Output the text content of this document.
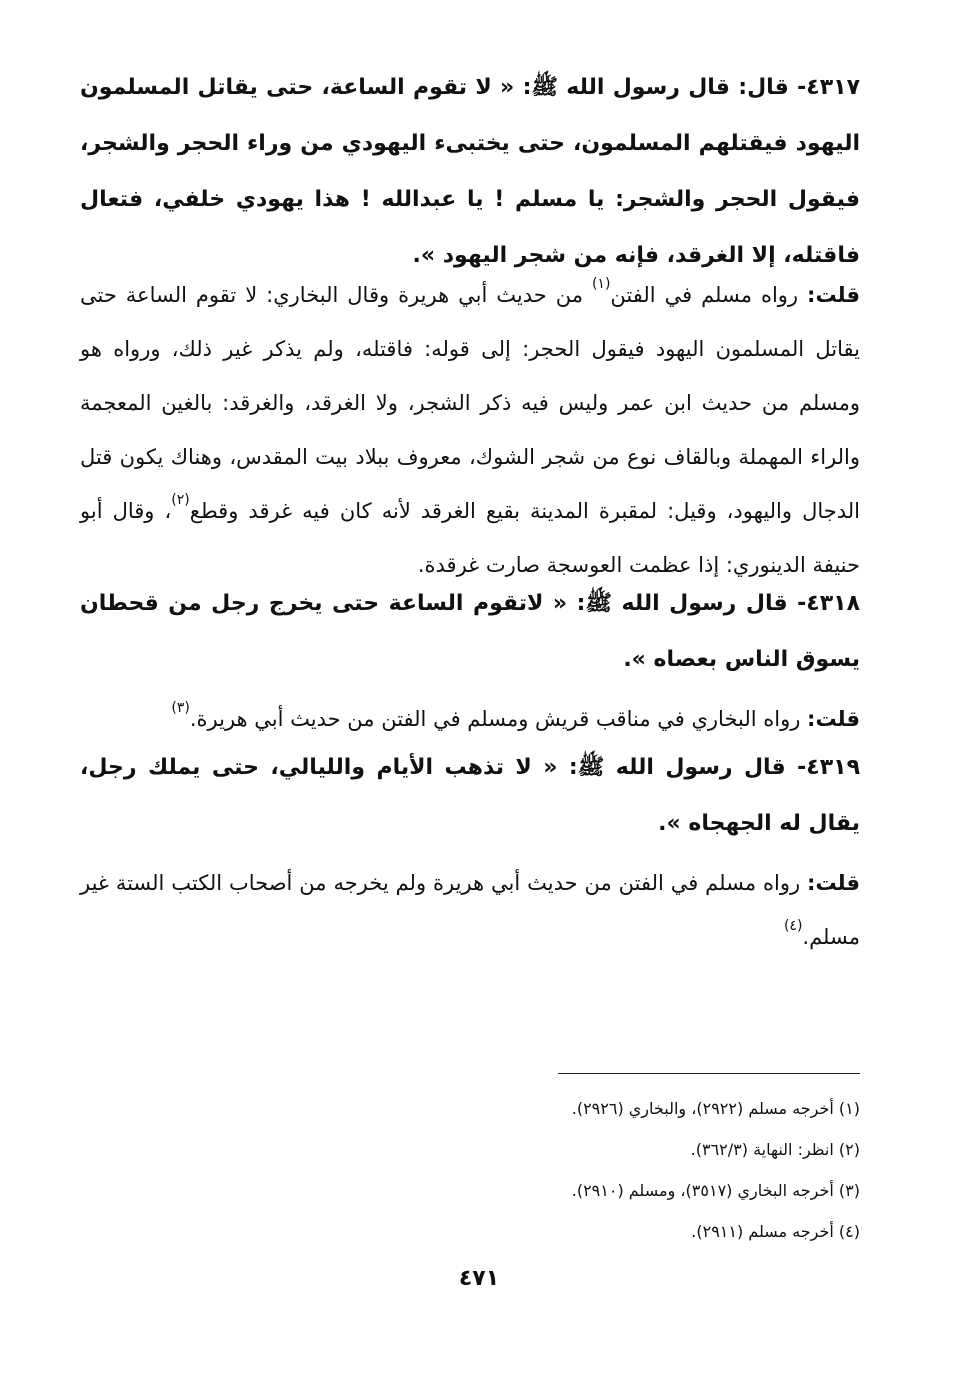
٤٣١٧- قال: قال رسول الله ﷺ: « لا تقوم الساعة، حتى يقاتل المسلمون اليهود فيقتلهم المسلمون، حتى يختبىء اليهودي من وراء الحجر والشجر، فيقول الحجر والشجر: يا مسلم ! يا عبدالله ! هذا يهودي خلفي، فتعال فاقتله، إلا الغرقد، فإنه من شجر اليهود ».
قلت: رواه مسلم في الفتن$^{(١)}$ من حديث أبي هريرة وقال البخاري: لا تقوم الساعة حتى يقاتل المسلمون اليهود فيقول الحجر: إلى قوله: فاقتله، ولم يذكر غير ذلك، ورواه هو ومسلم من حديث ابن عمر وليس فيه ذكر الشجر، ولا الغرقد، والغرقد: بالغين المعجمة والراء المهملة وبالقاف نوع من شجر الشوك، معروف ببلاد بيت المقدس، وهناك يكون قتل الدجال واليهود، وقيل: لمقبرة المدينة بقيع الغرقد لأنه كان فيه غرقد وقطع$^{(٢)}$، وقال أبو حنيفة الدينوري: إذا عظمت العوسجة صارت غرقدة.
٤٣١٨- قال رسول الله ﷺ: « لاتقوم الساعة حتى يخرج رجل من قحطان يسوق الناس بعصاه ».
قلت: رواه البخاري في مناقب قريش ومسلم في الفتن من حديث أبي هريرة.$^{(٣)}$
٤٣١٩- قال رسول الله ﷺ: « لا تذهب الأيام والليالي، حتى يملك رجل، يقال له الجهجاه ».
قلت: رواه مسلم في الفتن من حديث أبي هريرة ولم يخرجه من أصحاب الكتب الستة غير مسلم.$^{(٤)}$
(١) أخرجه مسلم (٢٩٢٢)، والبخاري (٢٩٢٦).
(٢) انظر: النهاية (٣٦٢/٣).
(٣) أخرجه البخاري (٣٥١٧)، ومسلم (٢٩١٠).
(٤) أخرجه مسلم (٢٩١١).
٤٧١
